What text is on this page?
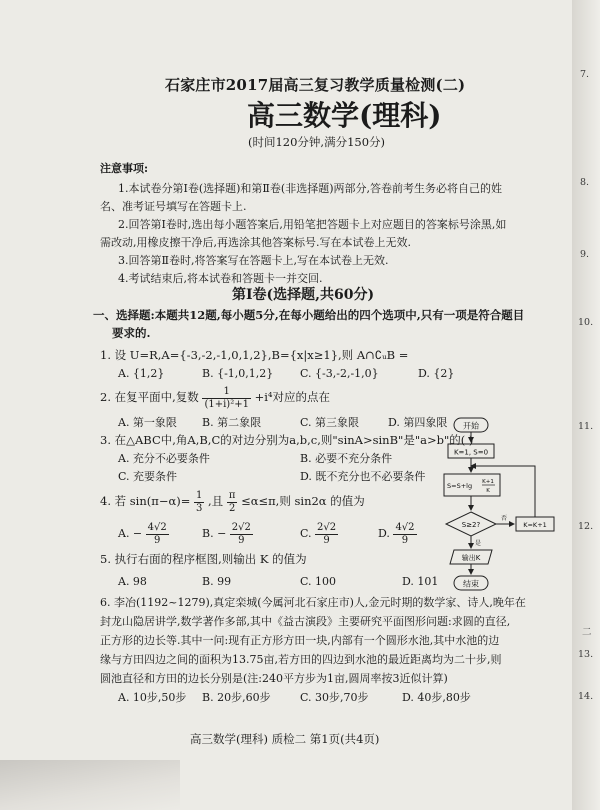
7.
8.
9.
10.
11.
12.
二
13.
14.
石家庄市2017届高三复习教学质量检测(二)
高三数学(理科)
(时间120分钟,满分150分)
注意事项:
1.本试卷分第Ⅰ卷(选择题)和第Ⅱ卷(非选择题)两部分,答卷前考生务必将自己的姓
名、准考证号填写在答题卡上.
2.回答第Ⅰ卷时,选出每小题答案后,用铅笔把答题卡上对应题目的答案标号涂黑,如
需改动,用橡皮擦干净后,再选涂其他答案标号.写在本试卷上无效.
3.回答第Ⅱ卷时,将答案写在答题卡上,写在本试卷上无效.
4.考试结束后,将本试卷和答题卡一并交回.
第Ⅰ卷(选择题,共60分)
一、选择题:本题共12题,每小题5分,在每小题给出的四个选项中,只有一项是符合题目
要求的.
1. 设 U=R,A={-3,-2,-1,0,1,2},B={x|x≥1},则 A∩∁ᵤB =
A. {1,2}	B. {-1,0,1,2} C. {-3,-2,-1,0}	D. {2}
2. 在复平面中,复数 $\frac{1}{\text{(1+i)²+1}} +i^4$对应的点在
A. 第一象限 B. 第二象限	C. 第三象限	D. 第四象限
3. 在△ABC中,角A,B,C的对边分别为a,b,c,则"sinA>sinB"是"a>b"的( )
A. 充分不必要条件	B. 必要不充分条件
C. 充要条件	D. 既不充分也不必要条件
4. 若 $\sin(\pi-\alpha)= \frac{1}{3}$ ,且 $\frac{\pi}{2} \le\alpha\le\pi$,则 sin2α 的值为
A. − $\frac{4√2}{9}$	B. − $\frac{2√2}{9}$	C. $\frac{2√2}{9}$	D. $\frac{4√2}{9}$
5. 执行右面的程序框图,则输出 K 的值为
A. 98	B. 99	C. 100	D. 101
6. 李冶(1192~1279),真定栾城(今属河北石家庄市)人,金元时期的数学家、诗人,晚年在
封龙山隐居讲学,数学著作多部,其中《益古演段》主要研究平面图形问题:求圆的直径,
正方形的边长等.其中一问:现有正方形方田一块,内部有一个圆形水池,其中水池的边
缘与方田四边之间的面积为13.75亩,若方田的四边到水池的最近距离均为二十步,则
圆池直径和方田的边长分别是(注:240平方步为1亩,圆周率按3近似计算)
A. 10步,50步 B. 20步,60步	C. 30步,70步	D. 40步,80步
开始
K=1, S=0
S=S+lg K+1
K
S≥2?
否
K=K+1
是
输出K
结束
高三数学(理科) 质检二 第1页(共4页)
